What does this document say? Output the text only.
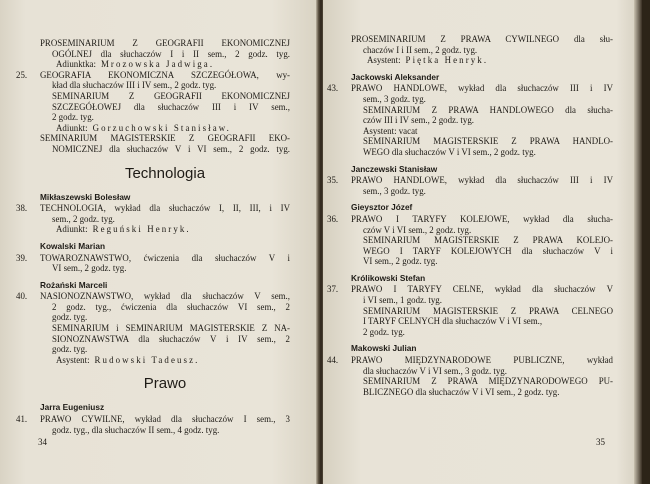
PROSEMINARIUM Z GEOGRAFII EKONOMICZNEJ
OGÓLNEJ dla słuchaczów I i II sem., 2 godz. tyg.
Adiunktka: Mrozowska Jadwiga.
25. GEOGRAFIA EKONOMICZNA SZCZEGÓŁOWA, wy-
kład dla słuchaczów III i IV sem., 2 godz. tyg.
SEMINARIUM Z GEOGRAFII EKONOMICZNEJ
SZCZEGÓŁOWEJ dla słuchaczów III i IV sem.,
2 godz. tyg.
Adiunkt: Gorzuchowski Stanisław.
SEMINARIUM MAGISTERSKIE Z GEOGRAFII EKO-
NOMICZNEJ dla słuchaczów V i VI sem., 2 godz. tyg.
Technologia
Mikłaszewski Bolesław
38. TECHNOLOGIA, wykład dla słuchaczów I, II, III, i IV
sem., 2 godz. tyg.
Adiunkt: Reguński Henryk.
Kowalski Marian
39. TOWAROZNAWSTWO, ćwiczenia dla słuchaczów V i
VI sem., 2 godz. tyg.
Rożański Marceli
40. NASIONOZNAWSTWO, wykład dla słuchaczów V sem.,
2 godz. tyg., ćwiczenia dla słuchaczów VI sem., 2
godz. tyg.
SEMINARIUM i SEMINARIUM MAGISTERSKIE Z NA-
SIONOZNAWSTWA dla słuchaczów V i IV sem., 2
godz. tyg.
Asystent: Rudowski Tadeusz.
Prawo
Jarra Eugeniusz
41. PRAWO CYWILNE, wykład dla słuchaczów I sem., 3
godz. tyg., dla słuchaczów II sem., 4 godz. tyg.
34
PROSEMINARIUM Z PRAWA CYWILNEGO dla słu-
chaczów I i II sem., 2 godz. tyg.
Asystent: Piętka Henryk.
Jackowski Aleksander
43. PRAWO HANDLOWE, wykład dla słuchaczów III i IV
sem., 3 godz. tyg.
SEMINARIUM Z PRAWA HANDLOWEGO dla słucha-
czów III i IV sem., 2 godz. tyg.
Asystent: vacat
SEMINARIUM MAGISTERSKIE Z PRAWA HANDLO-
WEGO dla słuchaczów V i VI sem., 2 godz. tyg.
Janczewski Stanisław
35. PRAWO HANDLOWE, wykład dla słuchaczów III i IV
sem., 3 godz. tyg.
Gieysztor Józef
36. PRAWO I TARYFY KOLEJOWE, wykład dla słucha-
czów V i VI sem., 2 godz. tyg.
SEMINARIUM MAGISTERSKIE Z PRAWA KOLEJO-
WEGO I TARYF KOLEJOWYCH dla słuchaczów V i
VI sem., 2 godz. tyg.
Królikowski Stefan
37. PRAWO I TARYFY CELNE, wykład dla słuchaczów V
i VI sem., 1 godz. tyg.
SEMINARIUM MAGISTERSKIE Z PRAWA CELNEGO
I TARYF CELNYCH dla słuchaczów V i VI sem.,
2 godz. tyg.
Makowski Julian
44. PRAWO MIĘDZYNARODOWE PUBLICZNE, wykład
dla słuchaczów V i VI sem., 3 godz. tyg.
SEMINARIUM Z PRAWA MIĘDZYNARODOWEGO PU-
BLICZNEGO dla słuchaczów V i VI sem., 2 godz. tyg.
35
